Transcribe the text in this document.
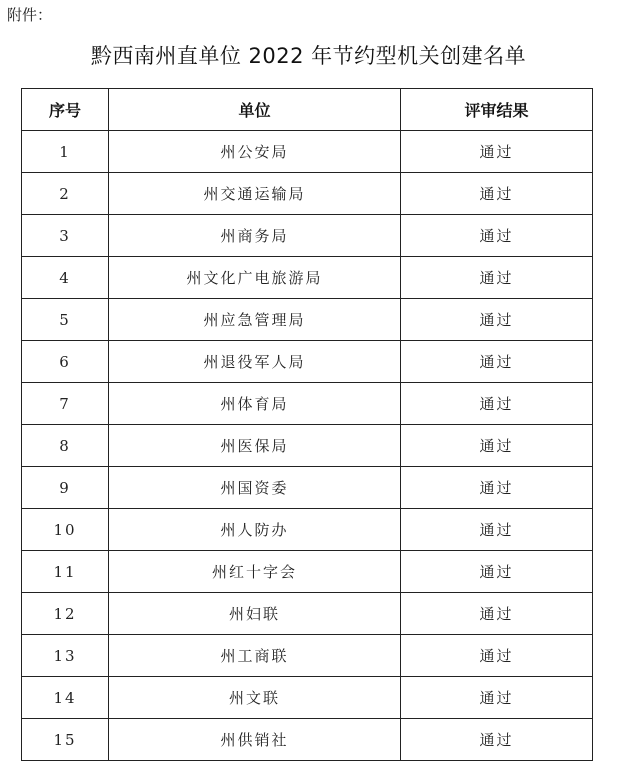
附件：
黔西南州直单位 2022 年节约型机关创建名单
序号	单位	评审结果
1	州公安局	通过
2	州交通运输局	通过
3	州商务局	通过
4	州文化广电旅游局	通过
5	州应急管理局	通过
6	州退役军人局	通过
7	州体育局	通过
8	州医保局	通过
9	州国资委	通过
10	州人防办	通过
11	州红十字会	通过
12	州妇联	通过
13	州工商联	通过
14	州文联	通过
15	州供销社	通过
